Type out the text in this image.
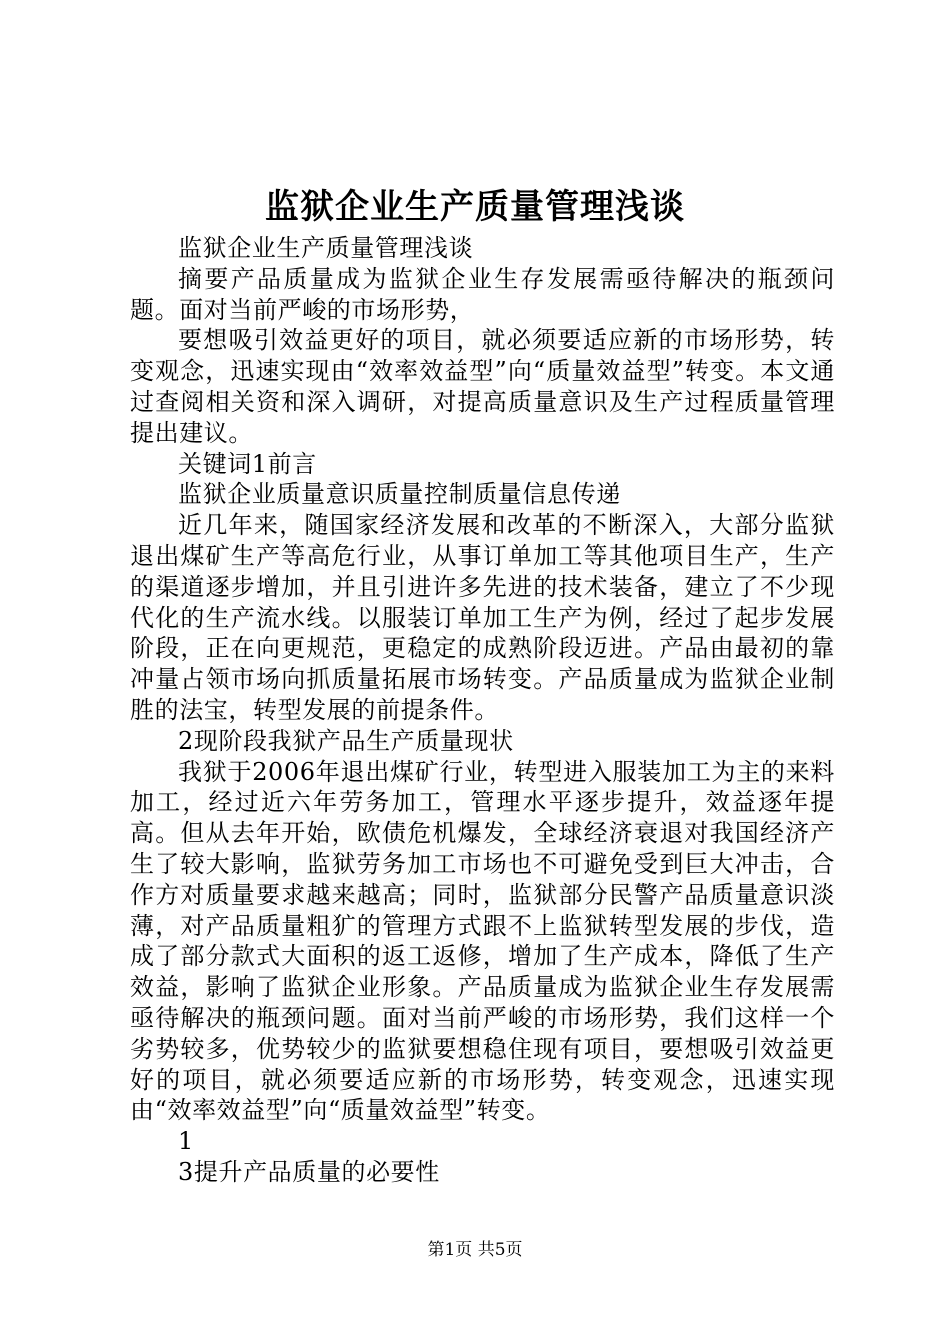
监狱企业生产质量管理浅谈

监狱企业生产质量管理浅谈

摘要产品质量成为监狱企业生存发展需亟待解决的瓶颈问题。面对当前严峻的市场形势，

要想吸引效益更好的项目，就必须要适应新的市场形势，转变观念，迅速实现由“效率效益型”向“质量效益型”转变。本文通过查阅相关资和深入调研，对提高质量意识及生产过程质量管理提出建议。

关键词1前言

监狱企业质量意识质量控制质量信息传递

近几年来，随国家经济发展和改革的不断深入，大部分监狱退出煤矿生产等高危行业，从事订单加工等其他项目生产，生产的渠道逐步增加，并且引进许多先进的技术装备，建立了不少现代化的生产流水线。以服装订单加工生产为例，经过了起步发展阶段，正在向更规范，更稳定的成熟阶段迈进。产品由最初的靠冲量占领市场向抓质量拓展市场转变。产品质量成为监狱企业制胜的法宝，转型发展的前提条件。

2现阶段我狱产品生产质量现状

我狱于2006年退出煤矿行业，转型进入服装加工为主的来料加工，经过近六年劳务加工，管理水平逐步提升，效益逐年提高。但从去年开始，欧债危机爆发，全球经济衰退对我国经济产生了较大影响，监狱劳务加工市场也不可避免受到巨大冲击，合作方对质量要求越来越高；同时，监狱部分民警产品质量意识淡薄，对产品质量粗犷的管理方式跟不上监狱转型发展的步伐，造成了部分款式大面积的返工返修，增加了生产成本，降低了生产效益，影响了监狱企业形象。产品质量成为监狱企业生存发展需亟待解决的瓶颈问题。面对当前严峻的市场形势，我们这样一个劣势较多，优势较少的监狱要想稳住现有项目，要想吸引效益更好的项目，就必须要适应新的市场形势，转变观念，迅速实现由“效率效益型”向“质量效益型”转变。

1

3提升产品质量的必要性

第1页 共5页
